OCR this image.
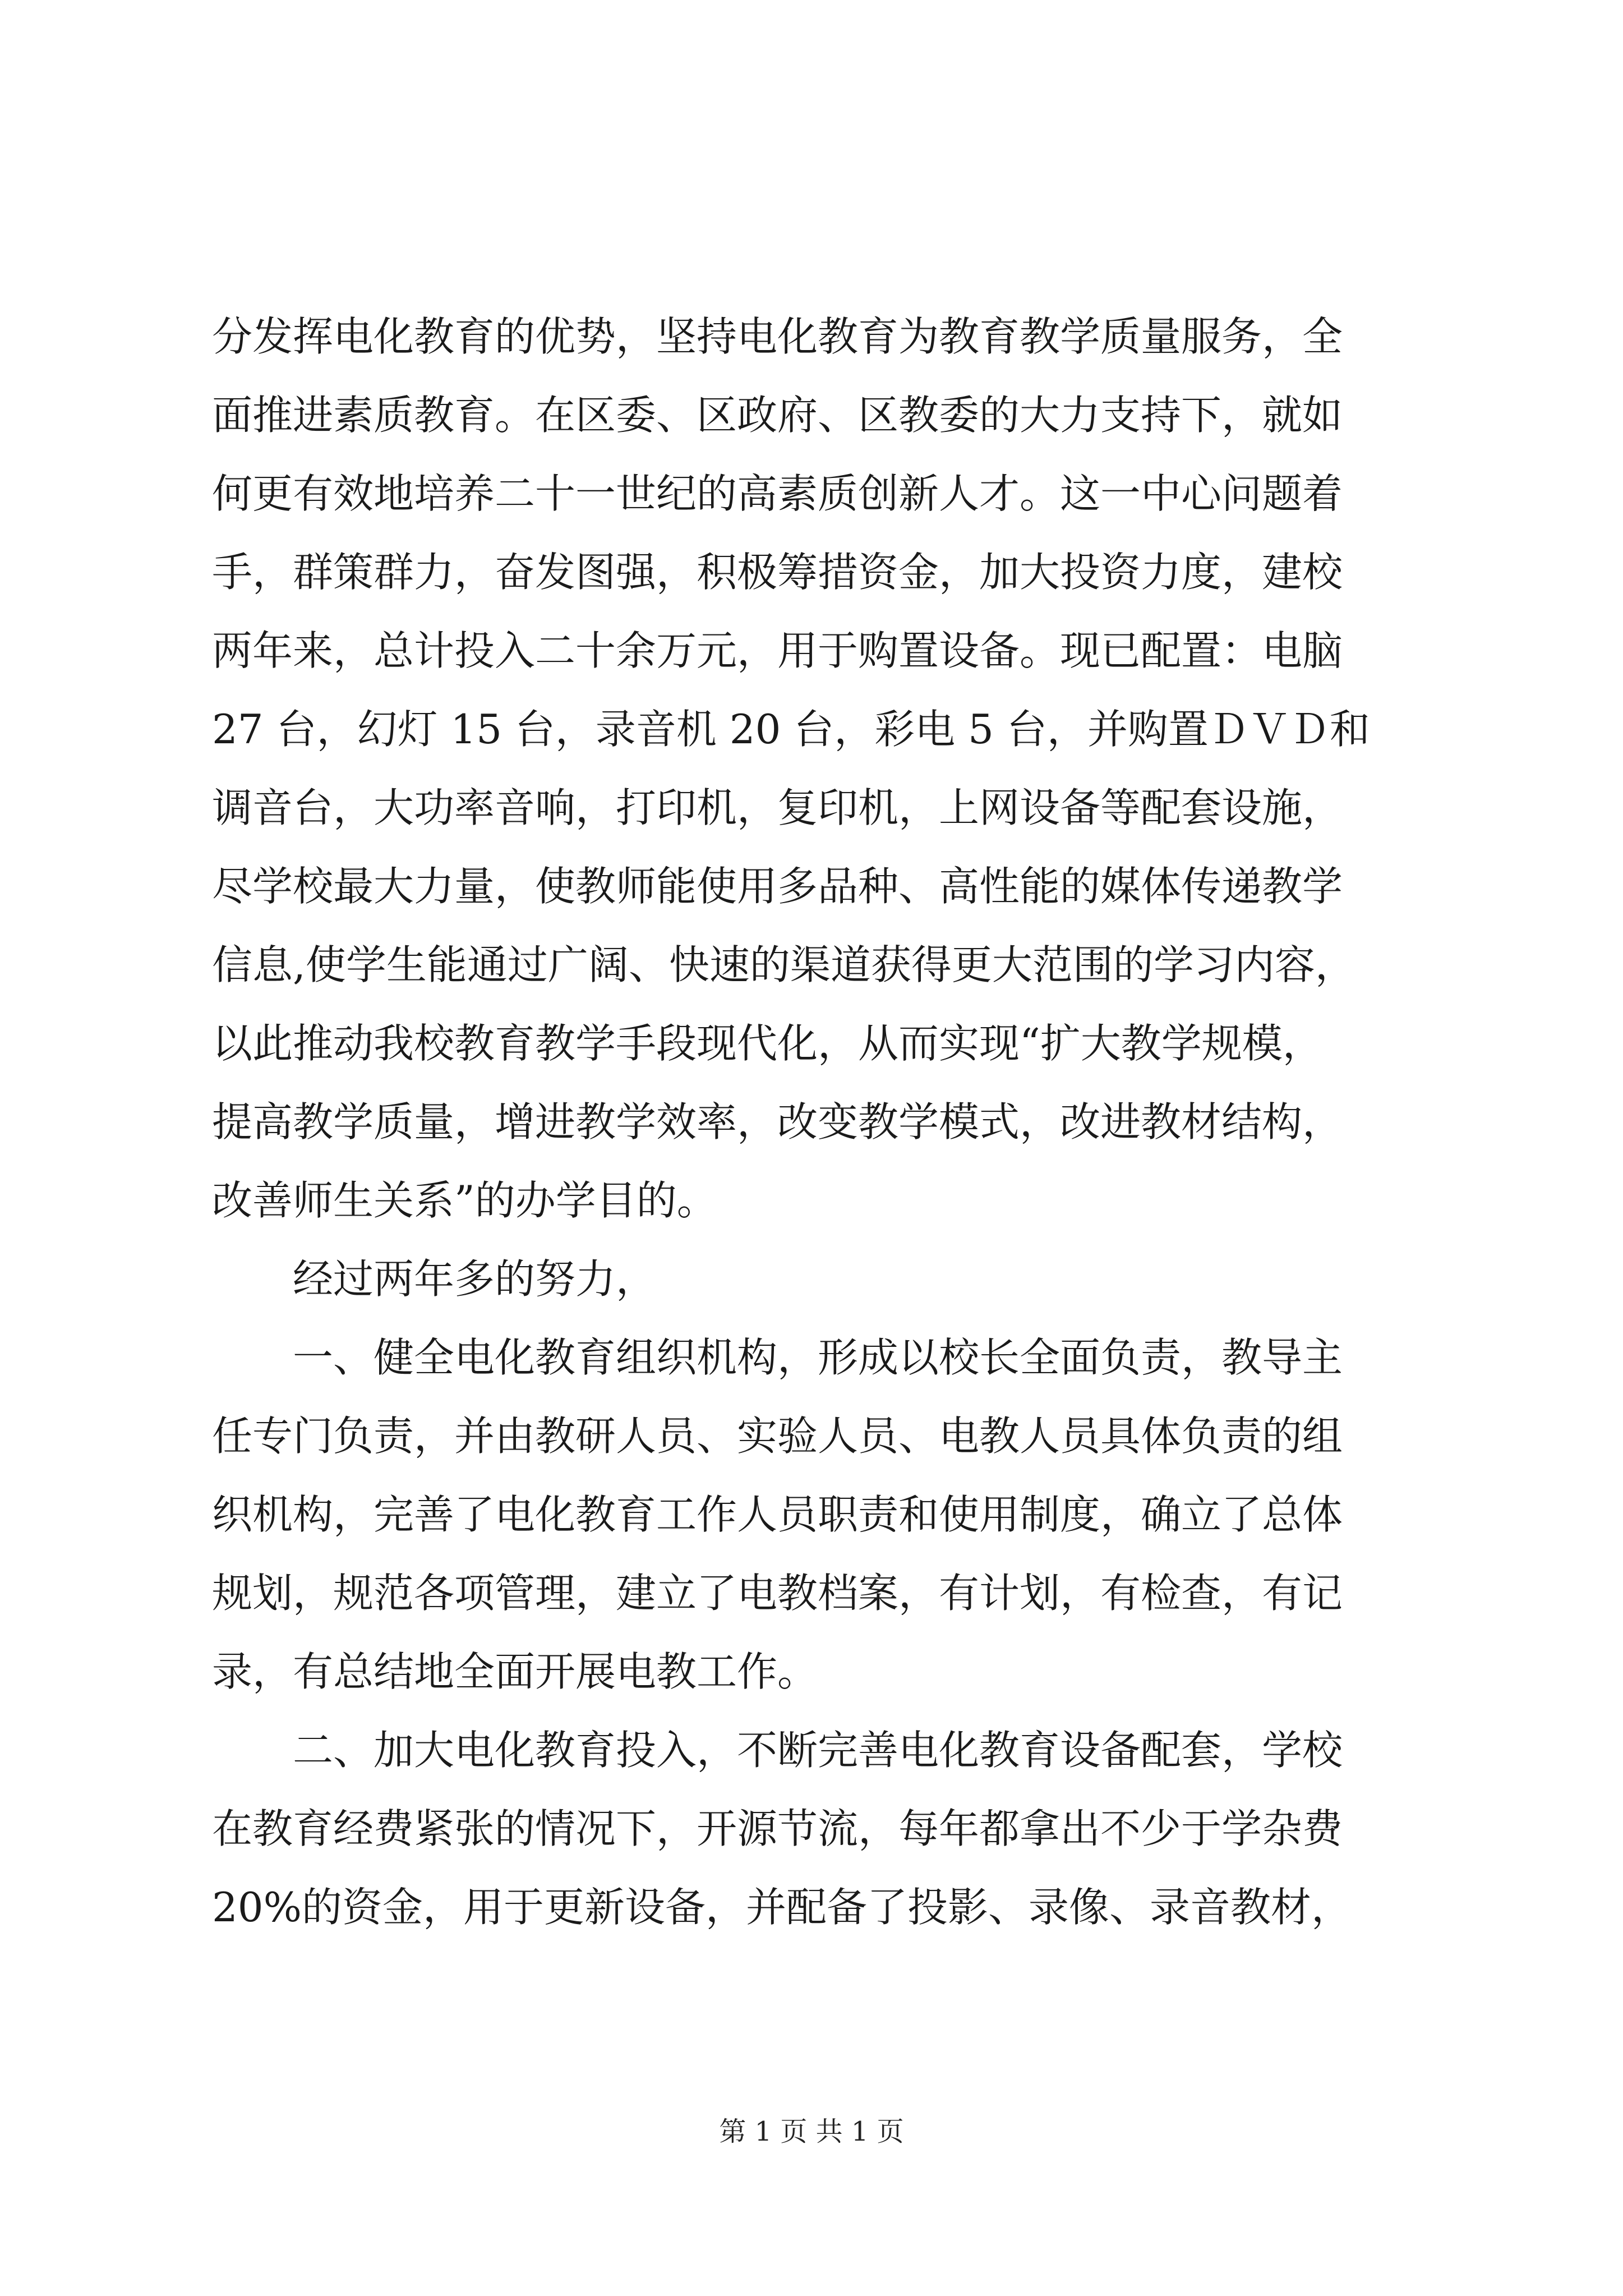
分发挥电化教育的优势，坚持电化教育为教育教学质量服务，全
面推进素质教育。在区委、区政府、区教委的大力支持下，就如
何更有效地培养二十一世纪的高素质创新人才。这一中心问题着
手，群策群力，奋发图强，积极筹措资金，加大投资力度，建校
两年来，总计投入二十余万元，用于购置设备。现已配置：电脑
27 台，幻灯 15 台，录音机 20 台，彩电 5 台，并购置ＤＶＤ和
调音台，大功率音响，打印机，复印机，上网设备等配套设施，
尽学校最大力量，使教师能使用多品种、高性能的媒体传递教学
信息,使学生能通过广阔、快速的渠道获得更大范围的学习内容，
以此推动我校教育教学手段现代化，从而实现“扩大教学规模，
提高教学质量，增进教学效率，改变教学模式，改进教材结构，
改善师生关系”的办学目的。
　　经过两年多的努力，
　　一、健全电化教育组织机构，形成以校长全面负责，教导主
任专门负责，并由教研人员、实验人员、电教人员具体负责的组
织机构，完善了电化教育工作人员职责和使用制度，确立了总体
规划，规范各项管理，建立了电教档案，有计划，有检查，有记
录，有总结地全面开展电教工作。
　　二、加大电化教育投入，不断完善电化教育设备配套，学校
在教育经费紧张的情况下，开源节流，每年都拿出不少于学杂费
20%的资金，用于更新设备，并配备了投影、录像、录音教材，
第 1 页 共 1 页
